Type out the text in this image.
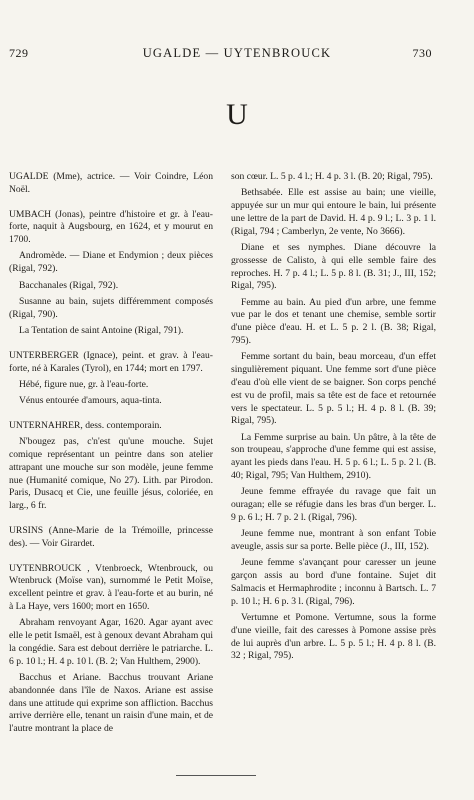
729	UGALDE — UYTENBROUCK	730
U

UGALDE (Mme), actrice. — Voir Coindre, Léon Noël.

UMBACH (Jonas), peintre d'histoire et gr. à l'eau-forte, naquit à Augsbourg, en 1624, et y mourut en 1700.

Andromède. — Diane et Endymion ; deux pièces (Rigal, 792).

Bacchanales (Rigal, 792).

Susanne au bain, sujets différemment composés (Rigal, 790).

La Tentation de saint Antoine (Rigal, 791).

UNTERBERGER (Ignace), peint. et grav. à l'eau-forte, né à Karales (Tyrol), en 1744; mort en 1797.

Hébé, figure nue, gr. à l'eau-forte.

Vénus entourée d'amours, aqua-tinta.

UNTERNAHRER, dess. contemporain.

N'bougez pas, c'n'est qu'une mouche. Sujet comique représentant un peintre dans son atelier attrapant une mouche sur son modèle, jeune femme nue (Humanité comique, No 27). Lith. par Pirodon. Paris, Dusacq et Cie, une feuille jésus, coloriée, en larg., 6 fr.

URSINS (Anne-Marie de la Trémoille, princesse des). — Voir Girardet.

UYTENBROUCK , Vtenbroeck, Wtenbrouck, ou Wtenbruck (Moïse van), surnommé le Petit Moïse, excellent peintre et grav. à l'eau-forte et au burin, né à La Haye, vers 1600; mort en 1650.

Abraham renvoyant Agar, 1620. Agar ayant avec elle le petit Ismaël, est à genoux devant Abraham qui la congédie. Sara est debout derrière le patriarche. L. 6 p. 10 l.; H. 4 p. 10 l. (B. 2; Van Hulthem, 2900).

Bacchus et Ariane. Bacchus trouvant Ariane abandonnée dans l'île de Naxos. Ariane est assise dans une attitude qui exprime son affliction. Bacchus arrive derrière elle, tenant un raisin d'une main, et de l'autre montrant la place de

son cœur. L. 5 p. 4 l.; H. 4 p. 3 l. (B. 20; Rigal, 795).

Bethsabée. Elle est assise au bain; une vieille, appuyée sur un mur qui entoure le bain, lui présente une lettre de la part de David. H. 4 p. 9 l.; L. 3 p. 1 l. (Rigal, 794 ; Camberlyn, 2e vente, No 3666).

Diane et ses nymphes. Diane découvre la grossesse de Calisto, à qui elle semble faire des reproches. H. 7 p. 4 l.; L. 5 p. 8 l. (B. 31; J., III, 152; Rigal, 795).

Femme au bain. Au pied d'un arbre, une femme vue par le dos et tenant une chemise, semble sortir d'une pièce d'eau. H. et L. 5 p. 2 l. (B. 38; Rigal, 795).

Femme sortant du bain, beau morceau, d'un effet singulièrement piquant. Une femme sort d'une pièce d'eau d'où elle vient de se baigner. Son corps penché est vu de profil, mais sa tête est de face et retournée vers le spectateur. L. 5 p. 5 l.; H. 4 p. 8 l. (B. 39; Rigal, 795).

La Femme surprise au bain. Un pâtre, à la tête de son troupeau, s'approche d'une femme qui est assise, ayant les pieds dans l'eau. H. 5 p. 6 l.; L. 5 p. 2 l. (B. 40; Rigal, 795; Van Hulthem, 2910).

Jeune femme effrayée du ravage que fait un ouragan; elle se réfugie dans les bras d'un berger. L. 9 p. 6 l.; H. 7 p. 2 l. (Rigal, 796).

Jeune femme nue, montrant à son enfant Tobie aveugle, assis sur sa porte. Belle pièce (J., III, 152).

Jeune femme s'avançant pour caresser un jeune garçon assis au bord d'une fontaine. Sujet dit Salmacis et Hermaphrodite ; inconnu à Bartsch. L. 7 p. 10 l.; H. 6 p. 3 l. (Rigal, 796).

Vertumne et Pomone. Vertumne, sous la forme d'une vieille, fait des caresses à Pomone assise près de lui auprès d'un arbre. L. 5 p. 5 l.; H. 4 p. 8 l. (B. 32 ; Rigal, 795).
